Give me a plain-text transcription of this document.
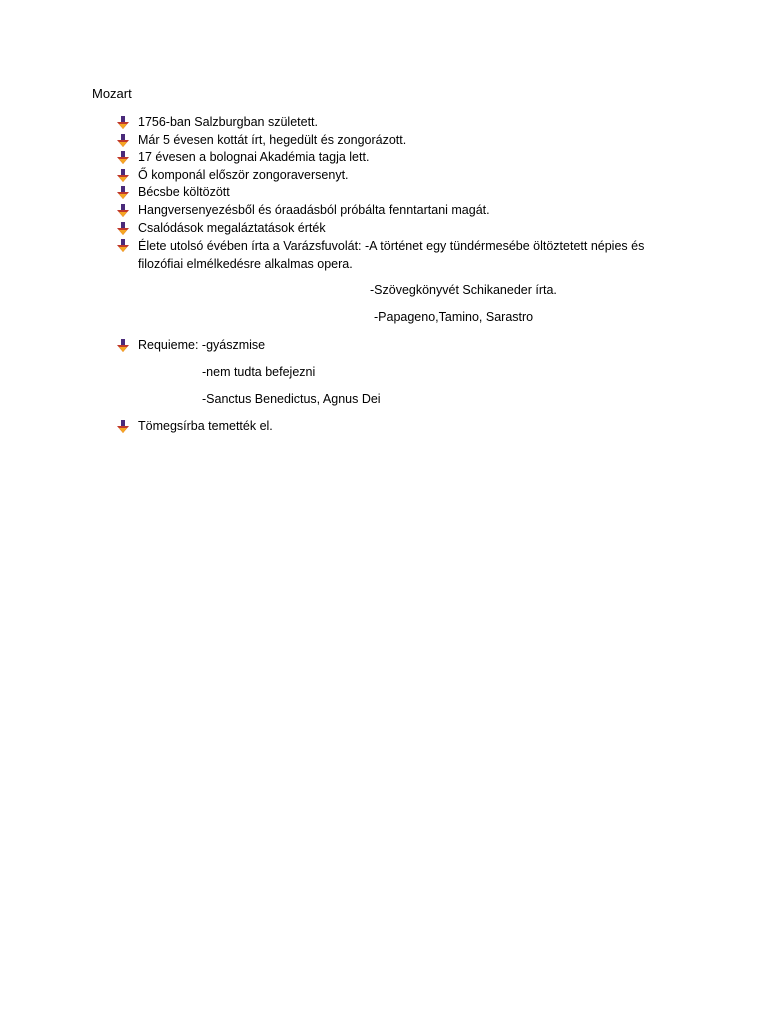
Mozart
1756-ban Salzburgban született.
Már 5 évesen kottát írt, hegedült és zongorázott.
17 évesen a bolognai Akadémia tagja lett.
Ő komponál először zongoraversenyt.
Bécsbe költözött
Hangversenyezésből és óraadásból próbálta fenntartani magát.
Csalódások megaláztatások érték
Élete utolsó évében írta a Varázsfuvolát: -A történet egy tündérmesébe öltöztetett népies és filozófiai elmélkedésre alkalmas opera.
-Szövegkönyvét Schikaneder írta.
-Papageno,Tamino, Sarastro
Requieme: -gyászmise
-nem tudta befejezni
-Sanctus Benedictus, Agnus Dei
Tömegsírba temették el.
